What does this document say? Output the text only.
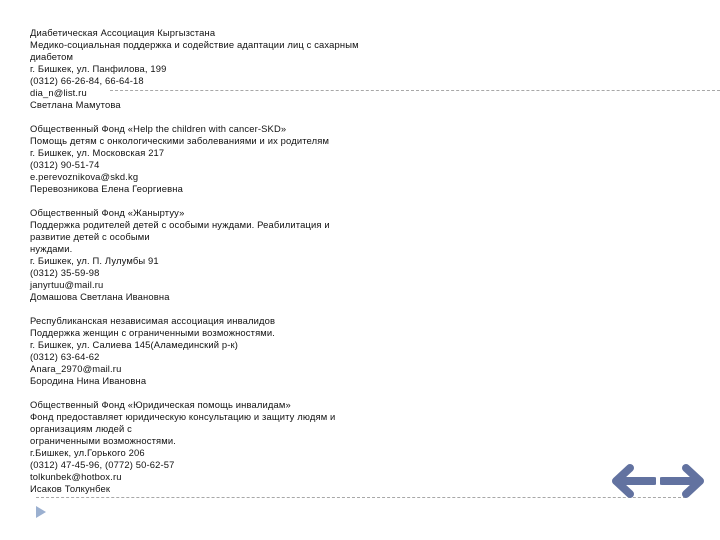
Диабетическая Ассоциация Кыргызстана
Медико-социальная поддержка и содействие адаптации лиц с сахарным
диабетом
г. Бишкек, ул. Панфилова, 199
(0312) 66-26-84, 66-64-18
dia_n@list.ru
Светлана Мамутова
Общественный Фонд «Help the children with cancer-SKD»
Помощь детям с онкологическими заболеваниями и их родителям
г. Бишкек, ул. Московская 217
(0312) 90-51-74
e.perevoznikova@skd.kg
Перевозникова Елена Георгиевна
Общественный Фонд «Жаныртуу»
Поддержка родителей детей с особыми нуждами. Реабилитация и
развитие детей с особыми
нуждами.
г. Бишкек, ул. П. Лулумбы 91
(0312) 35-59-98
janyrtuu@mail.ru
Домашова Светлана Ивановна
Республиканская независимая ассоциация инвалидов
Поддержка женщин с ограниченными возможностями.
г. Бишкек, ул. Салиева 145(Аламединский р-к)
(0312) 63-64-62
Anara_2970@mail.ru
Бородина Нина Ивановна
Общественный Фонд «Юридическая помощь инвалидам»
Фонд предоставляет юридическую консультацию и защиту людям и
организациям людей с
ограниченными возможностями.
г.Бишкек, ул.Горького 206
(0312) 47-45-96, (0772) 50-62-57
tolkunbek@hotbox.ru
Исаков Толкунбек
